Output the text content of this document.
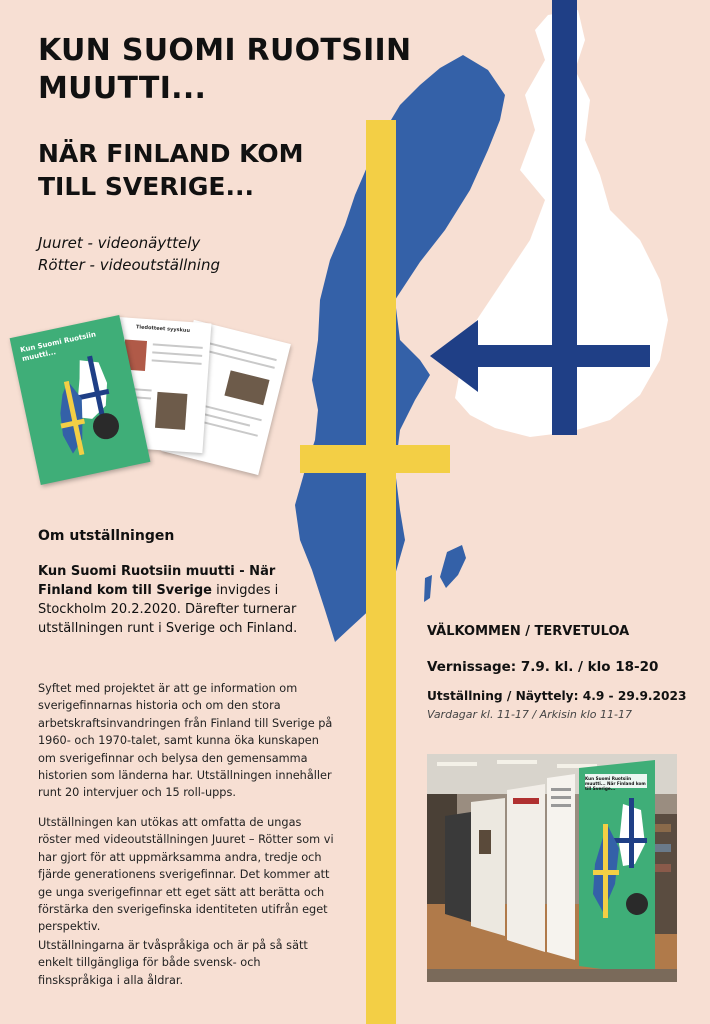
KUN SUOMI RUOTSIIN MUUTTI...
NÄR FINLAND KOM TILL SVERIGE...
Juuret - videonäyttely
Rötter - videoutställning
Tiedotteet syyskuu
Kun Suomi Ruotsiin muutti...
Om utställningen
Kun Suomi Ruotsiin muutti - När Finland kom till Sverige invigdes i Stockholm 20.2.2020. Därefter turnerar utställningen runt i Sverige och Finland.
Syftet med projektet är att ge information om sverigefinnarnas historia och om den stora arbetskraftsinvandringen från Finland till Sverige på 1960- och 1970-talet, samt kunna öka kunskapen om sverigefinnar och belysa den gemensamma historien som länderna har. Utställningen innehåller runt 20 intervjuer och 15 roll-upps.
Utställningen kan utökas att omfatta de ungas röster med videoutställningen Juuret – Rötter som vi har gjort för att uppmärksamma andra, tredje och fjärde generationens sverigefinnar. Det kommer att ge unga sverigefinnar ett eget sätt att berätta och förstärka den sverigefinska identiteten utifrån eget perspektiv.
Utställningarna är tvåspråkiga och är på så sätt enkelt tillgängliga för både svensk- och finskspråkiga i alla åldrar.
VÄLKOMMEN / TERVETULOA
Vernissage: 7.9. kl. / klo 18-20
Utställning / Näyttely: 4.9 - 29.9.2023
Vardagar kl. 11-17 / Arkisin klo 11-17
Kun Suomi Ruotsiin muutti... När Finland kom till Sverige...
